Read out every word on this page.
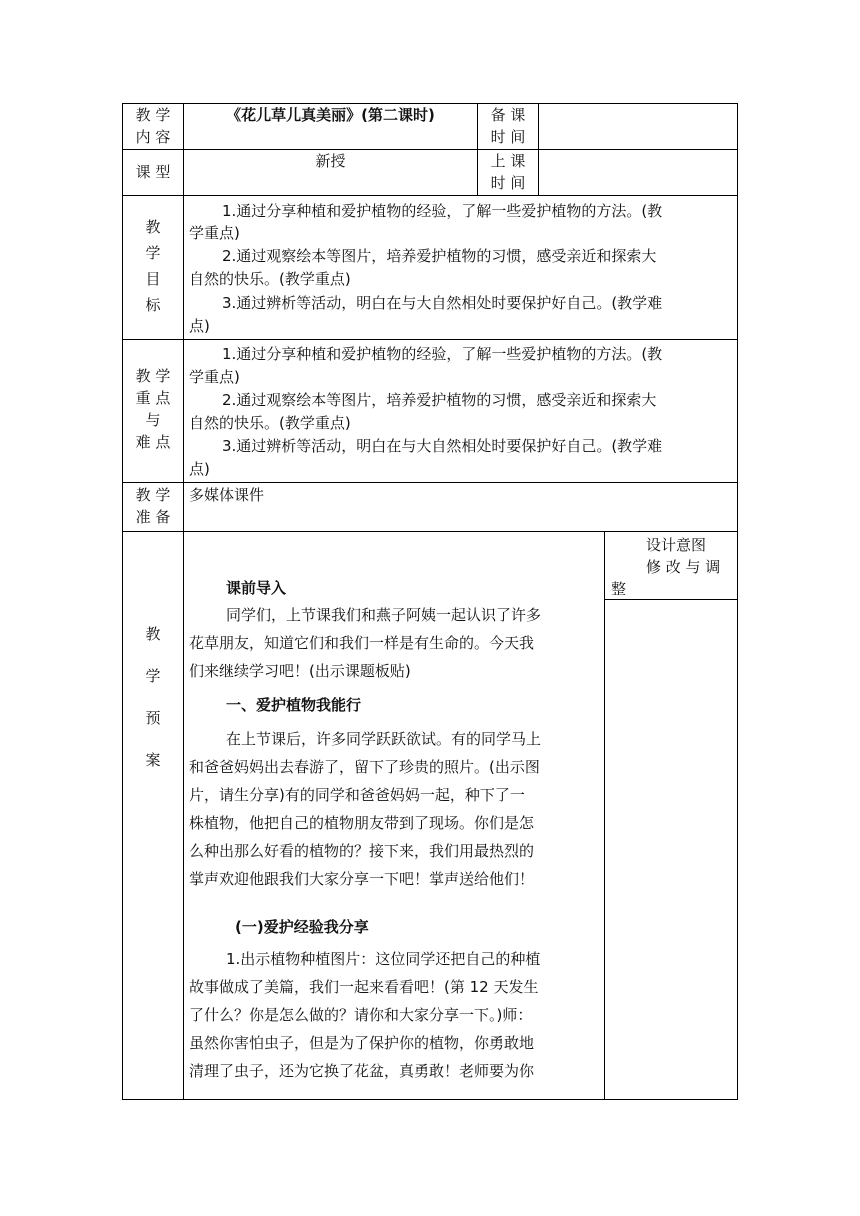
教 学
内 容
《花儿草儿真美丽》(第二课时)	备 课
时 间
课 型
新授	上 课
时 间
教
学
目
标
1.通过分享种植和爱护植物的经验，了解一些爱护植物的方法。(教
学重点)
2.通过观察绘本等图片，培养爱护植物的习惯，感受亲近和探索大
自然的快乐。(教学重点)
3.通过辨析等活动，明白在与大自然相处时要保护好自己。(教学难
点)
教 学
重 点
与
难 点
1.通过分享种植和爱护植物的经验，了解一些爱护植物的方法。(教
学重点)
2.通过观察绘本等图片，培养爱护植物的习惯，感受亲近和探索大
自然的快乐。(教学重点)
3.通过辨析等活动，明白在与大自然相处时要保护好自己。(教学难
点)
教 学
准 备
多媒体课件
教
学
预
案
设计意图
修 改 与 调
整
课前导入
同学们，上节课我们和燕子阿姨一起认识了许多
花草朋友，知道它们和我们一样是有生命的。今天我
们来继续学习吧！(出示课题板贴)
一、爱护植物我能行
在上节课后，许多同学跃跃欲试。有的同学马上
和爸爸妈妈出去春游了，留下了珍贵的照片。(出示图
片，请生分享)有的同学和爸爸妈妈一起，种下了一
株植物，他把自己的植物朋友带到了现场。你们是怎
么种出那么好看的植物的？接下来，我们用最热烈的
掌声欢迎他跟我们大家分享一下吧！掌声送给他们！
(一)爱护经验我分享
1.出示植物种植图片：这位同学还把自己的种植
故事做成了美篇，我们一起来看看吧！(第 12 天发生
了什么？你是怎么做的？请你和大家分享一下。)师：
虽然你害怕虫子，但是为了保护你的植物，你勇敢地
清理了虫子，还为它换了花盆，真勇敢！老师要为你
